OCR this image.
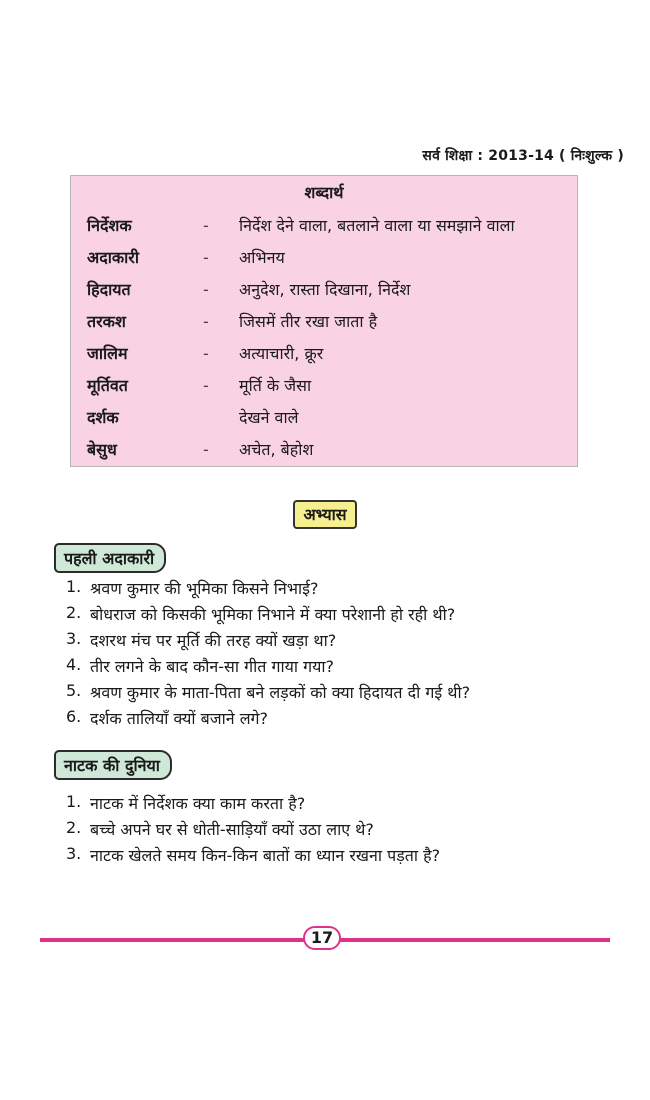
सर्व शिक्षा : 2013-14 ( निःशुल्क )
शब्दार्थ
निर्देशक	-	निर्देश देने वाला, बतलाने वाला या समझाने वाला
अदाकारी	-	अभिनय
हिदायत	-	अनुदेश, रास्ता दिखाना, निर्देश
तरकश	-	जिसमें तीर रखा जाता है
जालिम	-	अत्याचारी, क्रूर
मूर्तिवत	-	मूर्ति के जैसा
दर्शक	देखने वाले
बेसुध	-	अचेत, बेहोश
अभ्यास
पहली अदाकारी
1. श्रवण कुमार की भूमिका किसने निभाई?
2. बोधराज को किसकी भूमिका निभाने में क्या परेशानी हो रही थी?
3. दशरथ मंच पर मूर्ति की तरह क्यों खड़ा था?
4. तीर लगने के बाद कौन-सा गीत गाया गया?
5. श्रवण कुमार के माता-पिता बने लड़कों को क्या हिदायत दी गई थी?
6. दर्शक तालियाँ क्यों बजाने लगे?
नाटक की दुनिया
1. नाटक में निर्देशक क्या काम करता है?
2. बच्चे अपने घर से धोती-साड़ियाँ क्यों उठा लाए थे?
3. नाटक खेलते समय किन-किन बातों का ध्यान रखना पड़ता है?
17
